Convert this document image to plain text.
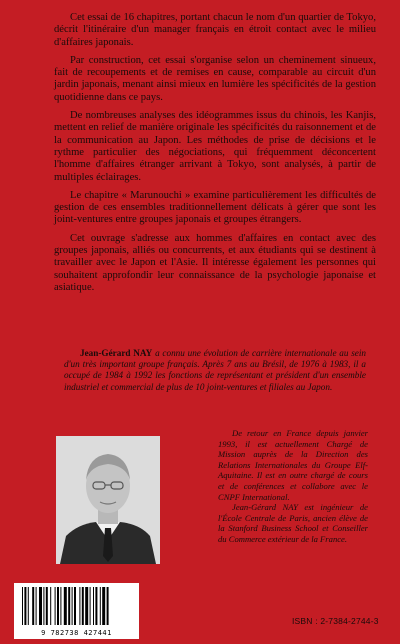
Cet essai de 16 chapitres, portant chacun le nom d'un quartier de Tokyo, décrit l'itinéraire d'un manager français en étroit contact avec le milieu d'affaires japonais.

Par construction, cet essai s'organise selon un cheminement sinueux, fait de recoupements et de remises en cause, comparable au circuit d'un jardin japonais, menant ainsi mieux en lumière les spécificités de la gestion quotidienne dans ce pays.

De nombreuses analyses des idéogrammes issus du chinois, les Kanjis, mettent en relief de manière originale les spécificités du raisonnement et de la communication au Japon. Les méthodes de prise de décisions et le rythme particulier des négociations, qui fréquemment déconcertent l'homme d'affaires étranger arrivant à Tokyo, sont analysés, à partir de multiples éclairages.

Le chapitre « Marunouchi » examine particulièrement les difficultés de gestion de ces ensembles traditionnellement délicats à gérer que sont les joint-ventures entre groupes japonais et groupes étrangers.

Cet ouvrage s'adresse aux hommes d'affaires en contact avec des groupes japonais, alliés ou concurrents, et aux étudiants qui se destinent à travailler avec le Japon et l'Asie. Il intéresse également les personnes qui souhaitent approfondir leur connaissance de la psychologie japonaise et asiatique.

Jean-Gérard NAY a connu une évolution de carrière internationale au sein d'un très important groupe français. Après 7 ans au Brésil, de 1976 à 1983, il a occupé de 1984 à 1992 les fonctions de représentant et président d'un ensemble industriel et commercial de plus de 10 joint-ventures et filiales au Japon.

De retour en France depuis janvier 1993, il est actuellement Chargé de Mission auprès de la Direction des Relations Internationales du Groupe Elf-Aquitaine. Il est en outre chargé de cours et de conférences et collabore avec le CNPF International.

Jean-Gérard NAY est ingénieur de l'École Centrale de Paris, ancien élève de la Stanford Business School et Conseiller du Commerce extérieur de la France.

9 782738 427441
ISBN : 2-7384-2744-3
